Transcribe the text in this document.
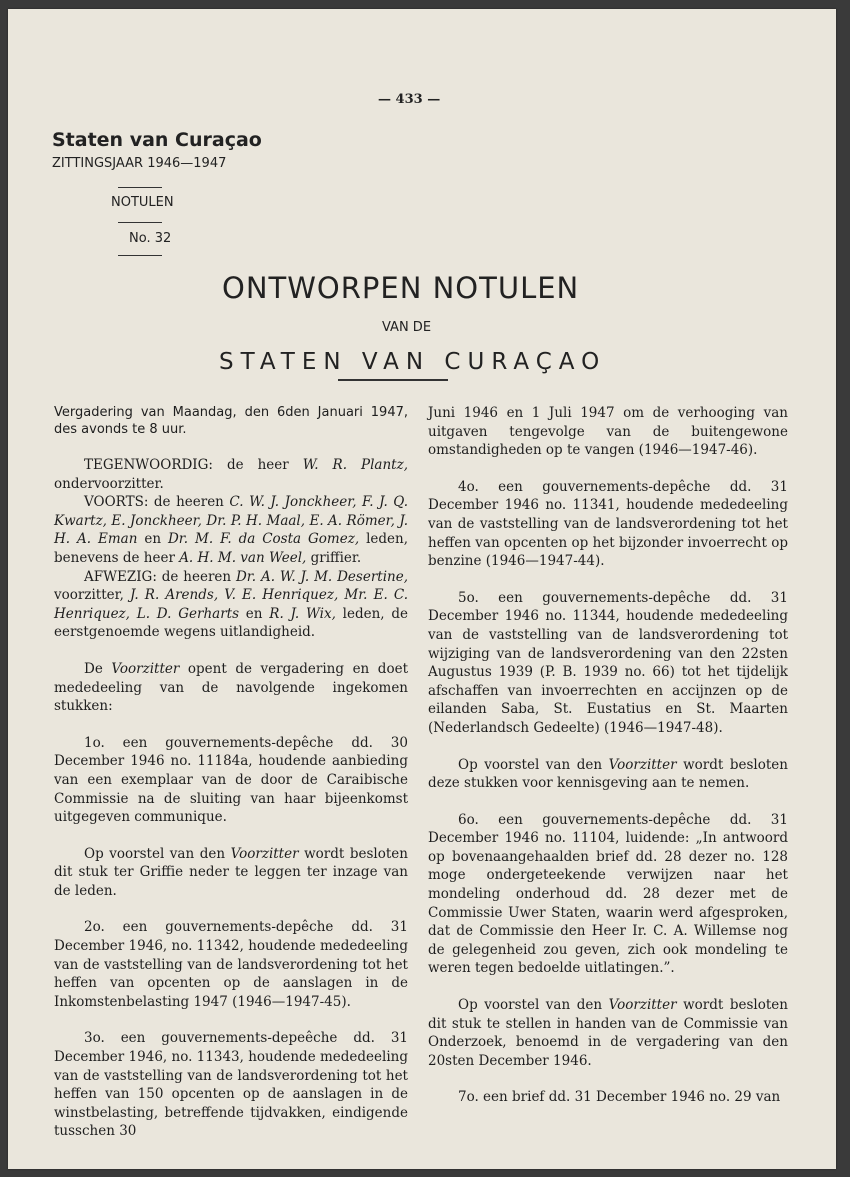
— 433 —
Staten van Curaçao
ZITTINGSJAAR 1946—1947
NOTULEN
No. 32
ONTWORPEN NOTULEN
VAN DE
STATEN VAN CURAÇAO

Vergadering van Maandag, den 6den Januari 1947, des avonds te 8 uur.

TEGENWOORDIG: de heer W. R. Plantz, ondervoorzitter.

VOORTS: de heeren C. W. J. Jonckheer, F. J. Q. Kwartz, E. Jonckheer, Dr. P. H. Maal, E. A. Römer, J. H. A. Eman en Dr. M. F. da Costa Gomez, leden, benevens de heer A. H. M. van Weel, griffier.

AFWEZIG: de heeren Dr. A. W. J. M. Desertine, voorzitter, J. R. Arends, V. E. Henriquez, Mr. E. C. Henriquez, L. D. Gerharts en R. J. Wix, leden, de eerstgenoemde wegens uitlandigheid.

De Voorzitter opent de vergadering en doet mededeeling van de navolgende ingekomen stukken:

1o. een gouvernements-depêche dd. 30 December 1946 no. 11184a, houdende aanbieding van een exemplaar van de door de Caraibische Commissie na de sluiting van haar bijeenkomst uitgegeven communique.

Op voorstel van den Voorzitter wordt besloten dit stuk ter Griffie neder te leggen ter inzage van de leden.

2o. een gouvernements-depêche dd. 31 December 1946, no. 11342, houdende mededeeling van de vaststelling van de landsverordening tot het heffen van opcenten op de aanslagen in de Inkomstenbelasting 1947 (1946—1947-45).

3o. een gouvernements-depeêche dd. 31 December 1946, no. 11343, houdende mededeeling van de vaststelling van de landsverordening tot het heffen van 150 opcenten op de aanslagen in de winstbelasting, betreffende tijdvakken, eindigende tusschen 30

Juni 1946 en 1 Juli 1947 om de verhooging van uitgaven tengevolge van de buitengewone omstandigheden op te vangen (1946—1947-46).

4o. een gouvernements-depêche dd. 31 December 1946 no. 11341, houdende mededeeling van de vaststelling van de landsverordening tot het heffen van opcenten op het bijzonder invoerrecht op benzine (1946—1947-44).

5o. een gouvernements-depêche dd. 31 December 1946 no. 11344, houdende mededeeling van de vaststelling van de landsverordening tot wijziging van de landsverordening van den 22sten Augustus 1939 (P. B. 1939 no. 66) tot het tijdelijk afschaffen van invoerrechten en accijnzen op de eilanden Saba, St. Eustatius en St. Maarten (Nederlandsch Gedeelte) (1946—1947-48).

Op voorstel van den Voorzitter wordt besloten deze stukken voor kennisgeving aan te nemen.

6o. een gouvernements-depêche dd. 31 December 1946 no. 11104, luidende: „In antwoord op bovenaangehaalden brief dd. 28 dezer no. 128 moge ondergeteekende verwijzen naar het mondeling onderhoud dd. 28 dezer met de Commissie Uwer Staten, waarin werd afgesproken, dat de Commissie den Heer Ir. C. A. Willemse nog de gelegenheid zou geven, zich ook mondeling te weren tegen bedoelde uitlatingen.”.

Op voorstel van den Voorzitter wordt besloten dit stuk te stellen in handen van de Commissie van Onderzoek, benoemd in de vergadering van den 20sten December 1946.

7o. een brief dd. 31 December 1946 no. 29 van
